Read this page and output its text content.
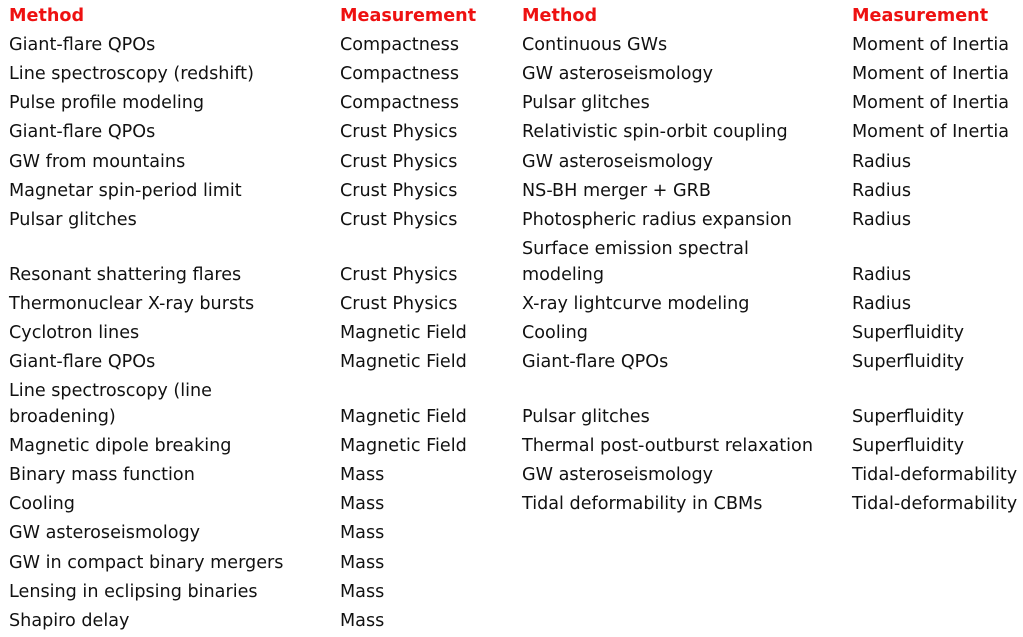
Method	Measurement
Giant-flare QPOs	Compactness
Line spectroscopy (redshift)	Compactness
Pulse profile modeling	Compactness
Giant-flare QPOs	Crust Physics
GW from mountains	Crust Physics
Magnetar spin-period limit	Crust Physics
Pulsar glitches	Crust Physics
Resonant shattering flares	Crust Physics
Thermonuclear X-ray bursts	Crust Physics
Cyclotron lines	Magnetic Field
Giant-flare QPOs	Magnetic Field
Line spectroscopy (line broadening)	Magnetic Field
Magnetic dipole breaking	Magnetic Field
Binary mass function	Mass
Cooling	Mass
GW asteroseismology	Mass
GW in compact binary mergers	Mass
Lensing in eclipsing binaries	Mass
Shapiro delay	Mass
Method	Measurement
Continuous GWs	Moment of Inertia
GW asteroseismology	Moment of Inertia
Pulsar glitches	Moment of Inertia
Relativistic spin-orbit coupling	Moment of Inertia
GW asteroseismology	Radius
NS-BH merger + GRB	Radius
Photospheric radius expansion	Radius
Surface emission spectral modeling	Radius
X-ray lightcurve modeling	Radius
Cooling	Superfluidity
Giant-flare QPOs	Superfluidity
Pulsar glitches	Superfluidity
Thermal post-outburst relaxation	Superfluidity
GW asteroseismology	Tidal-deformability
Tidal deformability in CBMs	Tidal-deformability
